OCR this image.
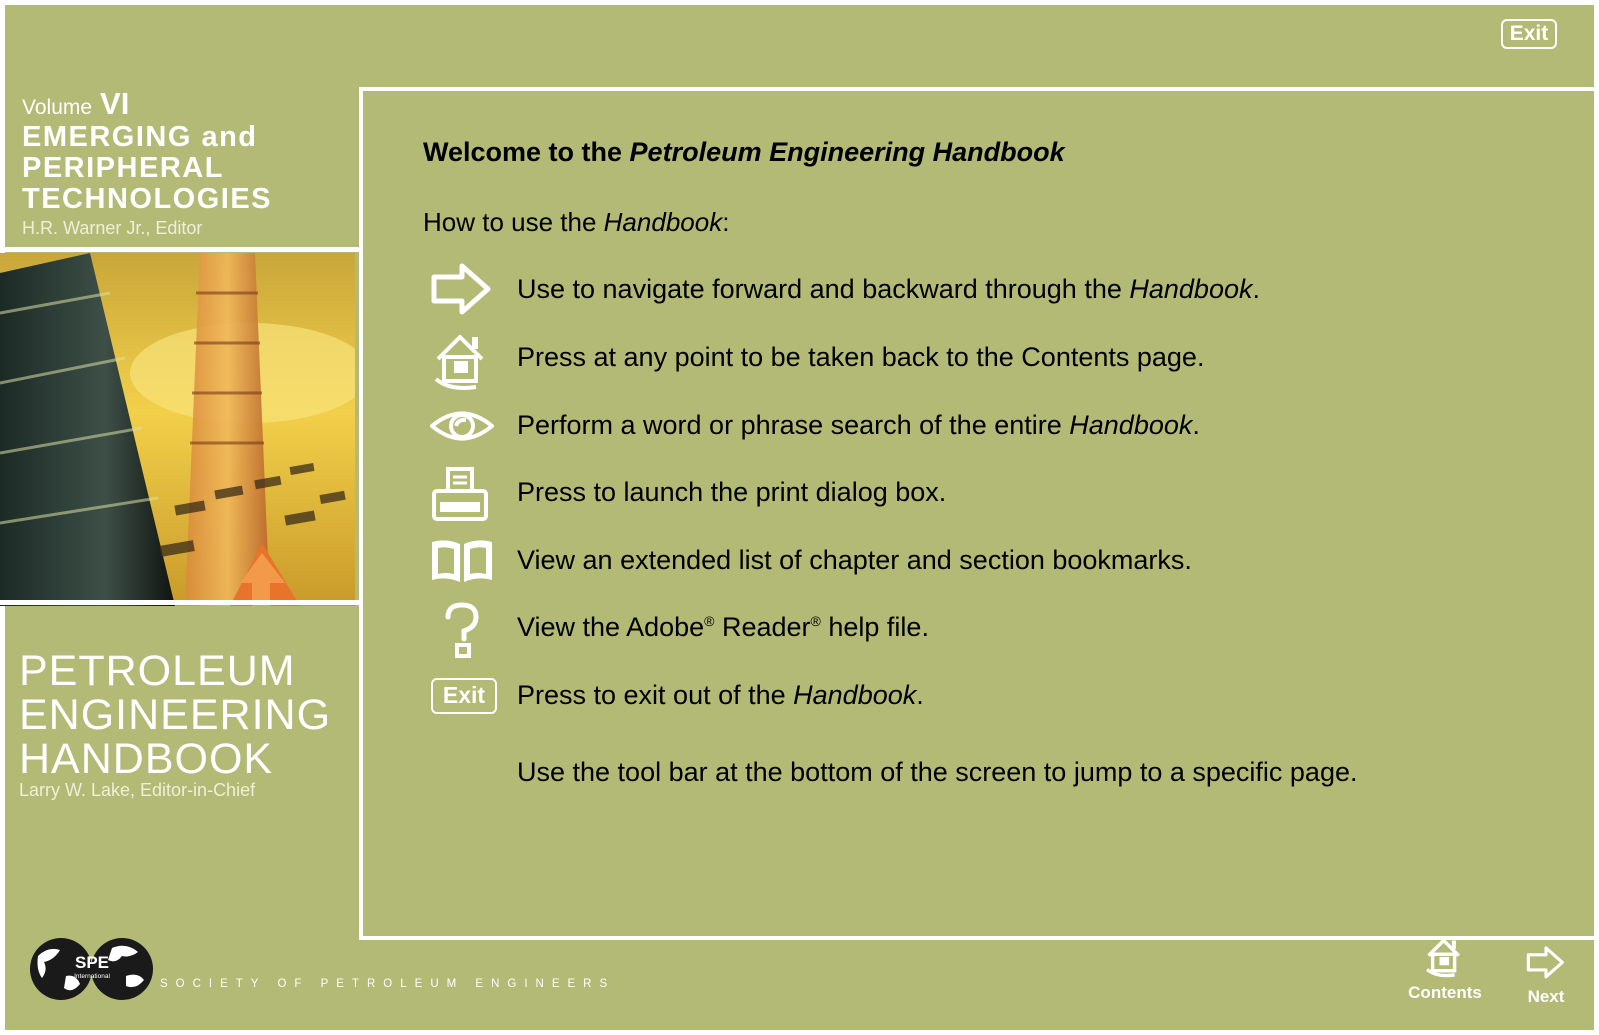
Exit
Volume VI
EMERGING and
PERIPHERAL
TECHNOLOGIES
H.R. Warner Jr., Editor
PETROLEUM
ENGINEERING
HANDBOOK
Larry W. Lake, Editor-in-Chief
Welcome to the Petroleum Engineering Handbook
How to use the Handbook:
Use to navigate forward and backward through the Handbook.
Press at any point to be taken back to the Contents page.
Perform a word or phrase search of the entire Handbook.
Press to launch the print dialog box.
View an extended list of chapter and section bookmarks.
View the Adobe® Reader® help file.
Exit	Press to exit out of the Handbook.
Use the tool bar at the bottom of the screen to jump to a specific page.
SPE
International
SOCIETY OF PETROLEUM ENGINEERS	Contents	Next
